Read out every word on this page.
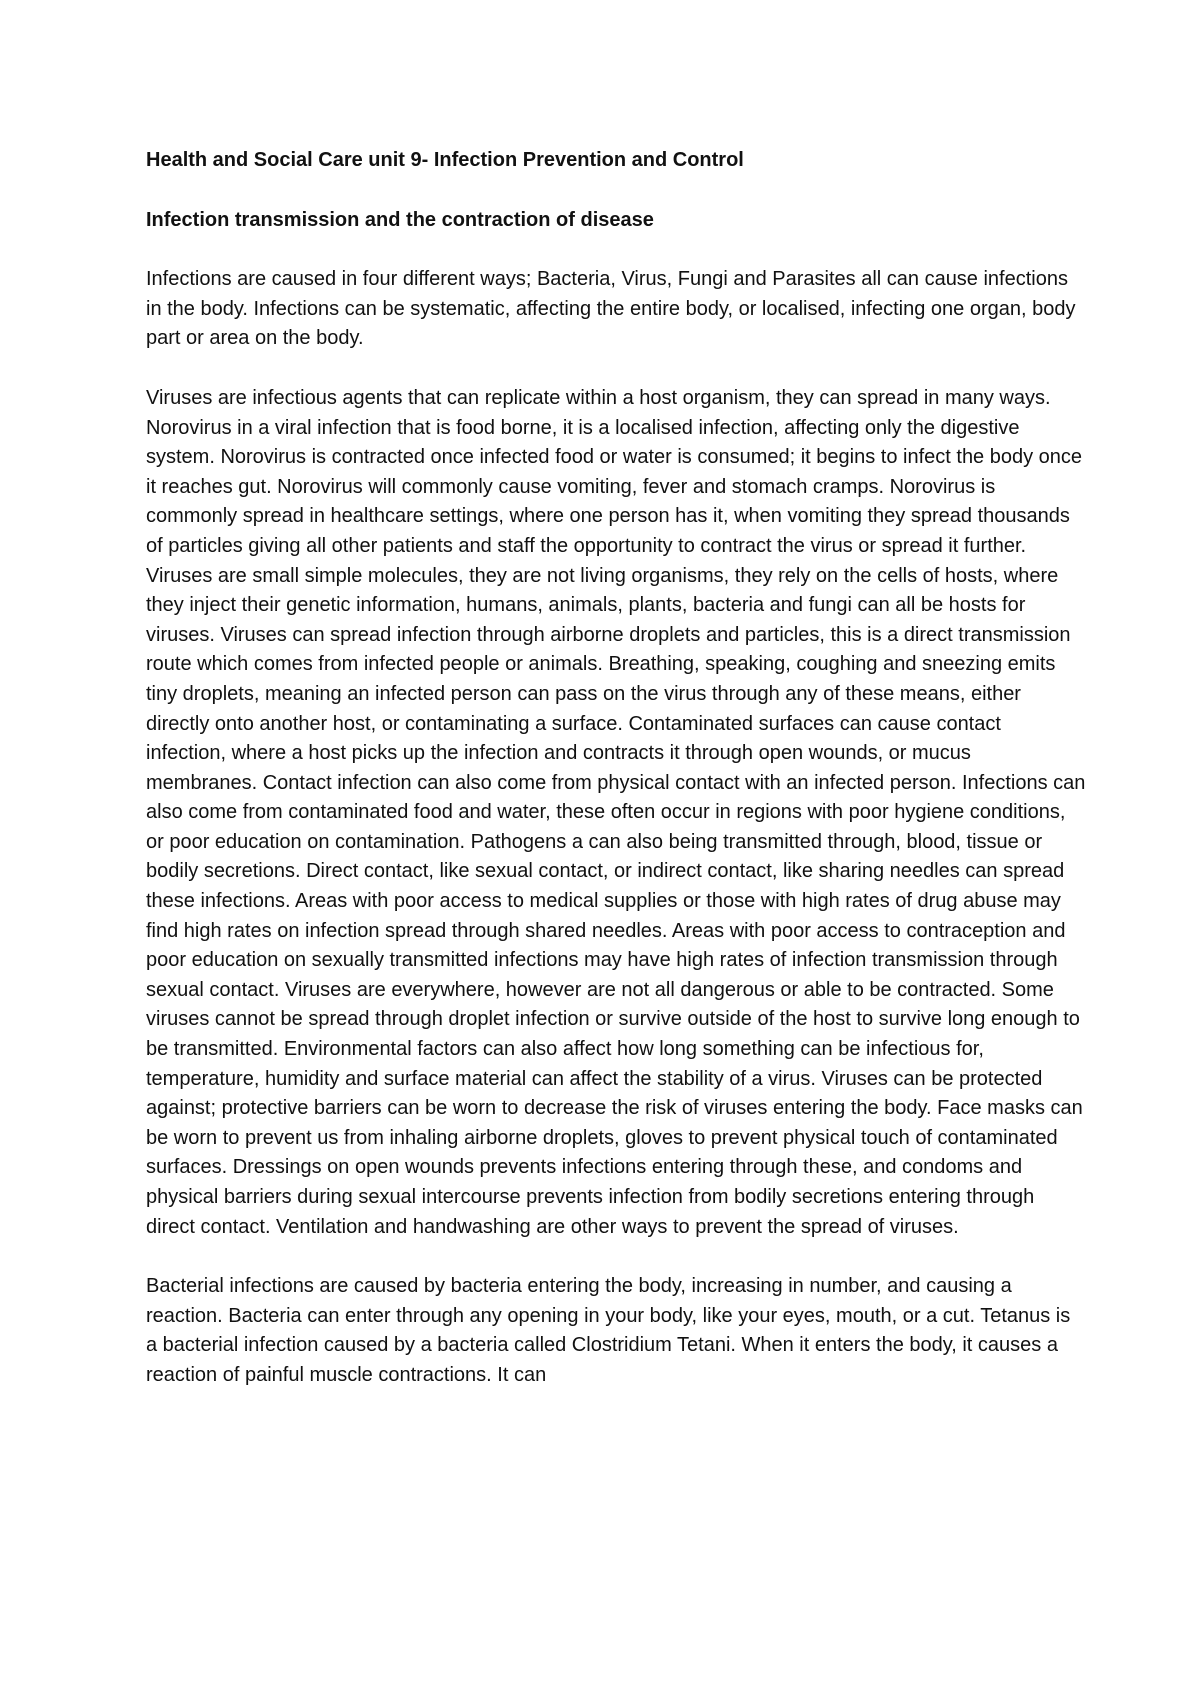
Health and Social Care unit 9- Infection Prevention and Control

Infection transmission and the contraction of disease

Infections are caused in four different ways; Bacteria, Virus, Fungi and Parasites all can cause infections in the body. Infections can be systematic, affecting the entire body, or localised, infecting one organ, body part or area on the body.

Viruses are infectious agents that can replicate within a host organism, they can spread in many ways. Norovirus in a viral infection that is food borne, it is a localised infection, affecting only the digestive system. Norovirus is contracted once infected food or water is consumed; it begins to infect the body once it reaches gut. Norovirus will commonly cause vomiting, fever and stomach cramps. Norovirus is commonly spread in healthcare settings, where one person has it, when vomiting they spread thousands of particles giving all other patients and staff the opportunity to contract the virus or spread it further.

Viruses are small simple molecules, they are not living organisms, they rely on the cells of hosts, where they inject their genetic information, humans, animals, plants, bacteria and fungi can all be hosts for viruses. Viruses can spread infection through airborne droplets and particles, this is a direct transmission route which comes from infected people or animals. Breathing, speaking, coughing and sneezing emits tiny droplets, meaning an infected person can pass on the virus through any of these means, either directly onto another host, or contaminating a surface. Contaminated surfaces can cause contact infection, where a host picks up the infection and contracts it through open wounds, or mucus membranes. Contact infection can also come from physical contact with an infected person. Infections can also come from contaminated food and water, these often occur in regions with poor hygiene conditions, or poor education on contamination. Pathogens a can also being transmitted through, blood, tissue or bodily secretions. Direct contact, like sexual contact, or indirect contact, like sharing needles can spread these infections. Areas with poor access to medical supplies or those with high rates of drug abuse may find high rates on infection spread through shared needles. Areas with poor access to contraception and poor education on sexually transmitted infections may have high rates of infection transmission through sexual contact. Viruses are everywhere, however are not all dangerous or able to be contracted. Some viruses cannot be spread through droplet infection or survive outside of the host to survive long enough to be transmitted. Environmental factors can also affect how long something can be infectious for, temperature, humidity and surface material can affect the stability of a virus. Viruses can be protected against; protective barriers can be worn to decrease the risk of viruses entering the body. Face masks can be worn to prevent us from inhaling airborne droplets, gloves to prevent physical touch of contaminated surfaces. Dressings on open wounds prevents infections entering through these, and condoms and physical barriers during sexual intercourse prevents infection from bodily secretions entering through direct contact. Ventilation and handwashing are other ways to prevent the spread of viruses.

Bacterial infections are caused by bacteria entering the body, increasing in number, and causing a reaction. Bacteria can enter through any opening in your body, like your eyes, mouth, or a cut. Tetanus is a bacterial infection caused by a bacteria called Clostridium Tetani. When it enters the body, it causes a reaction of painful muscle contractions. It can
